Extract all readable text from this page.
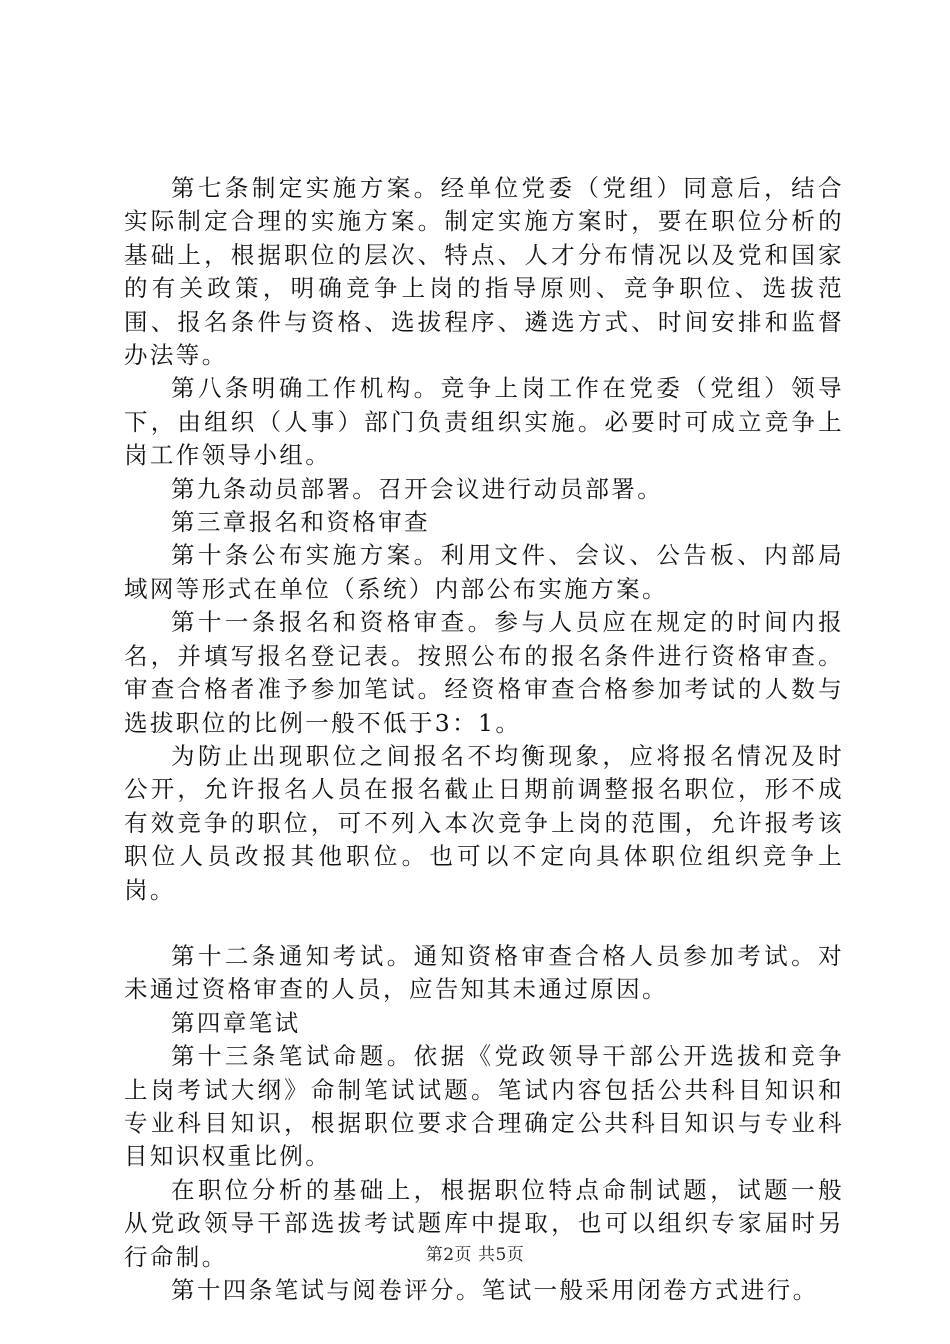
第七条制定实施方案。经单位党委（党组）同意后，结合实际制定合理的实施方案。制定实施方案时，要在职位分析的基础上，根据职位的层次、特点、人才分布情况以及党和国家的有关政策，明确竞争上岗的指导原则、竞争职位、选拔范围、报名条件与资格、选拔程序、遴选方式、时间安排和监督办法等。

第八条明确工作机构。竞争上岗工作在党委（党组）领导下，由组织（人事）部门负责组织实施。必要时可成立竞争上岗工作领导小组。

第九条动员部署。召开会议进行动员部署。

第三章报名和资格审查

第十条公布实施方案。利用文件、会议、公告板、内部局域网等形式在单位（系统）内部公布实施方案。

第十一条报名和资格审查。参与人员应在规定的时间内报名，并填写报名登记表。按照公布的报名条件进行资格审查。审查合格者准予参加笔试。经资格审查合格参加考试的人数与选拔职位的比例一般不低于3：1。

为防止出现职位之间报名不均衡现象，应将报名情况及时公开，允许报名人员在报名截止日期前调整报名职位，形不成有效竞争的职位，可不列入本次竞争上岗的范围，允许报考该职位人员改报其他职位。也可以不定向具体职位组织竞争上岗。

第十二条通知考试。通知资格审查合格人员参加考试。对未通过资格审查的人员，应告知其未通过原因。

第四章笔试

第十三条笔试命题。依据《党政领导干部公开选拔和竞争上岗考试大纲》命制笔试试题。笔试内容包括公共科目知识和专业科目知识，根据职位要求合理确定公共科目知识与专业科目知识权重比例。

在职位分析的基础上，根据职位特点命制试题，试题一般从党政领导干部选拔考试题库中提取，也可以组织专家届时另行命制。

第十四条笔试与阅卷评分。笔试一般采用闭卷方式进行。

第2页 共5页
